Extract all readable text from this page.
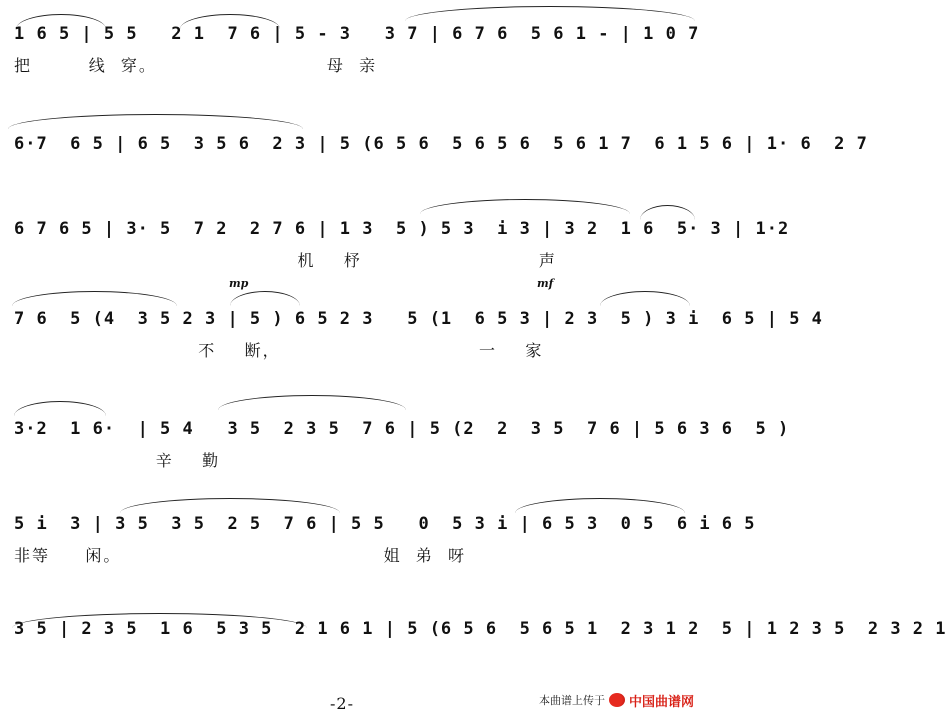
1 6 5 | 5 5   2 1  7 6 | 5 - 3   3 7 | 6 7 6  5 6 1 - | 1 0 7
把        线  穿。                        母  亲
6·7  6 5 | 6 5  3 5 6  2 3 | 5 (6 5 6  5 6 5 6  5 6 1 7  6 1 5 6 | 1· 6  2 7
6 7 6 5 | 3· 5  7 2  2 7 6 | 1 3  5 ) 5 3  i 3 | 3 2  1 6  5· 3 | 1·2
机    杼                         声
mp	mf
7 6  5 (4  3 5 2 3 | 5 ) 6 5 2 3   5 (1  6 5 3 | 2 3  5 ) 3 i  6 5 | 5 4
不    断，                            一    家
3·2  1 6·  | 5 4   3 5  2 3 5  7 6 | 5 (2  2  3 5  7 6 | 5 6 3 6  5 )
辛    勤
5 i  3 | 3 5  3 5  2 5  7 6 | 5 5   0  5 3 i | 6 5 3  0 5  6 i 6 5
非等     闲。                                     姐  弟  呀
3 5 | 2 3 5  1 6  5 3 5  2 1 6 1 | 5 (6 5 6  5 6 5 1  2 3 1 2  5 | 1 2 3 5  2 3 2 1
-2-	本曲谱上传于 中国曲谱网
